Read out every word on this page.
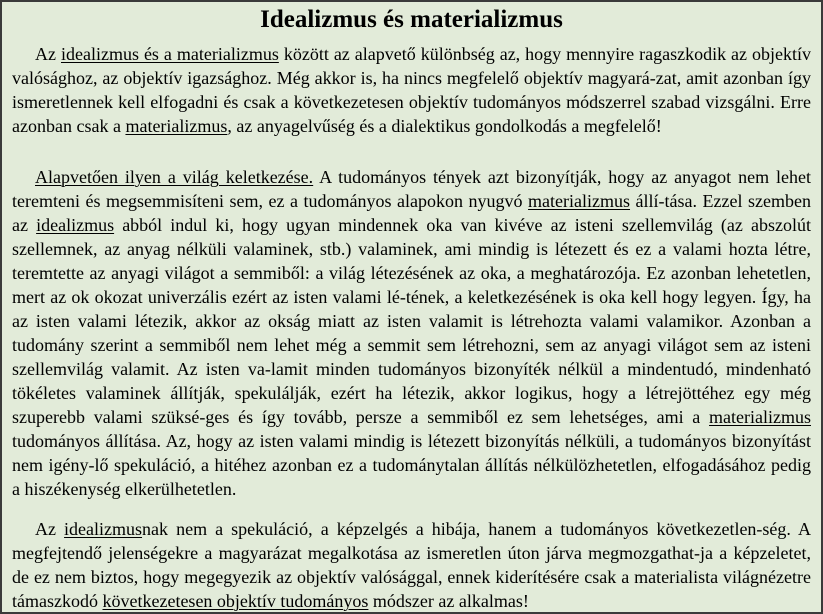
Idealizmus és materializmus
Az idealizmus és a materializmus között az alapvető különbség az, hogy mennyire ragaszkodik az objektív valósághoz, az objektív igazsághoz. Még akkor is, ha nincs megfelelő objektív magyará-zat, amit azonban így ismeretlennek kell elfogadni és csak a következetesen objektív tudományos módszerrel szabad vizsgálni. Erre azonban csak a materializmus, az anyagelvűség és a dialektikus gondolkodás a megfelelő!
Alapvetően ilyen a világ keletkezése. A tudományos tények azt bizonyítják, hogy az anyagot nem lehet teremteni és megsemmisíteni sem, ez a tudományos alapokon nyugvó materializmus állí-tása. Ezzel szemben az idealizmus abból indul ki, hogy ugyan mindennek oka van kivéve az isteni szellemvilág (az abszolút szellemnek, az anyag nélküli valaminek, stb.) valaminek, ami mindig is létezett és ez a valami hozta létre, teremtette az anyagi világot a semmiből: a világ létezésének az oka, a meghatározója. Ez azonban lehetetlen, mert az ok okozat univerzális ezért az isten valami lé-tének, a keletkezésének is oka kell hogy legyen. Így, ha az isten valami létezik, akkor az okság miatt az isten valamit is létrehozta valami valamikor. Azonban a tudomány szerint a semmiből nem lehet még a semmit sem létrehozni, sem az anyagi világot sem az isteni szellemvilág valamit. Az isten va-lamit minden tudományos bizonyíték nélkül a mindentudó, mindenható tökéletes valaminek állítják, spekulálják, ezért ha létezik, akkor logikus, hogy a létrejöttéhez egy még szuperebb valami szüksé-ges és így tovább, persze a semmiből ez sem lehetséges, ami a materializmus tudományos állítása. Az, hogy az isten valami mindig is létezett bizonyítás nélküli, a tudományos bizonyítást nem igény-lő spekuláció, a hitéhez azonban ez a tudománytalan állítás nélkülözhetetlen, elfogadásához pedig a hiszékenység elkerülhetetlen.
Az idealizmusnak nem a spekuláció, a képzelgés a hibája, hanem a tudományos következetlen-ség. A megfejtendő jelenségekre a magyarázat megalkotása az ismeretlen úton járva megmozgathat-ja a képzeletet, de ez nem biztos, hogy megegyezik az objektív valósággal, ennek kiderítésére csak a materialista világnézetre támaszkodó következetesen objektív tudományos módszer az alkalmas!
